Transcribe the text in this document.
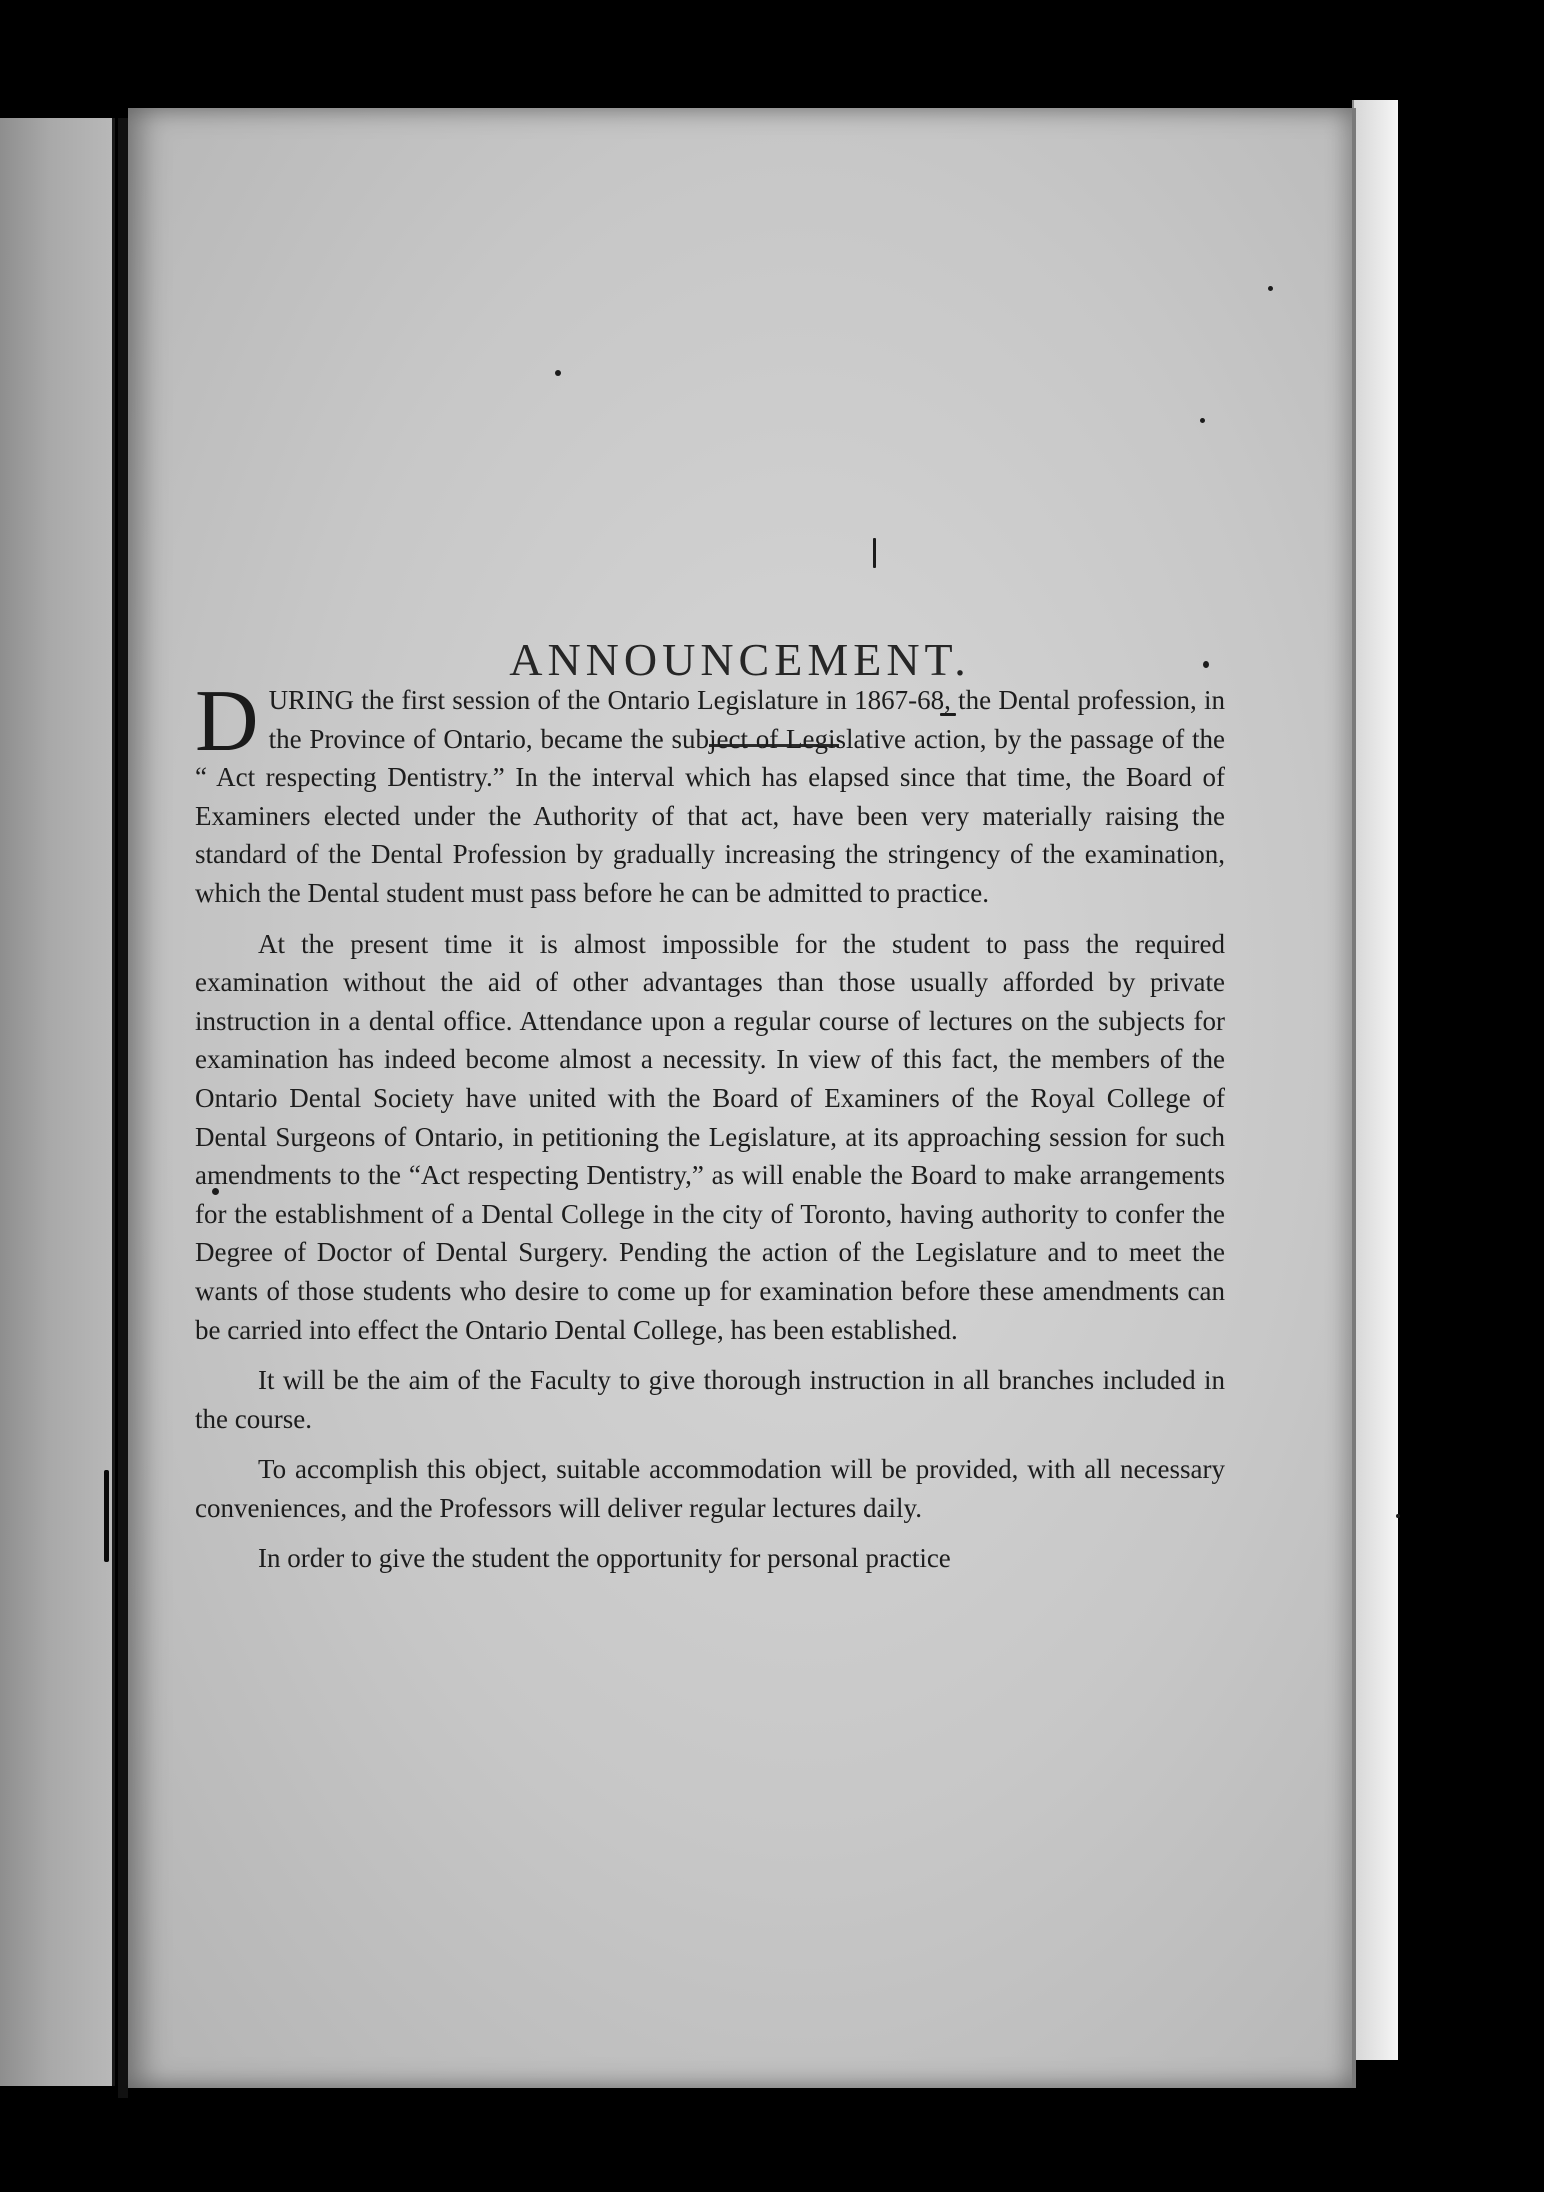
ANNOUNCEMENT.

DURING the first session of the Ontario Legislature in 1867-68, the Dental profession, in the Province of Ontario, became the subject of Legislative action, by the passage of the “ Act respecting Dentistry.” In the interval which has elapsed since that time, the Board of Examiners elected under the Authority of that act, have been very materially raising the standard of the Dental Profession by gradually increasing the stringency of the examination, which the Dental student must pass before he can be admitted to practice.

At the present time it is almost impossible for the student to pass the required examination without the aid of other advantages than those usually afforded by private instruction in a dental office. Attendance upon a regular course of lectures on the subjects for examination has indeed become almost a necessity. In view of this fact, the members of the Ontario Dental Society have united with the Board of Examiners of the Royal College of Dental Surgeons of Ontario, in petitioning the Legislature, at its approaching session for such amendments to the “Act respecting Dentistry,” as will enable the Board to make arrangements for the establishment of a Dental College in the city of Toronto, having authority to confer the Degree of Doctor of Dental Surgery. Pending the action of the Legislature and to meet the wants of those students who desire to come up for examination before these amendments can be carried into effect the Ontario Dental College, has been established.

It will be the aim of the Faculty to give thorough instruction in all branches included in the course.

To accomplish this object, suitable accommodation will be provided, with all necessary conveniences, and the Professors will deliver regular lectures daily.

In order to give the student the opportunity for personal practice
